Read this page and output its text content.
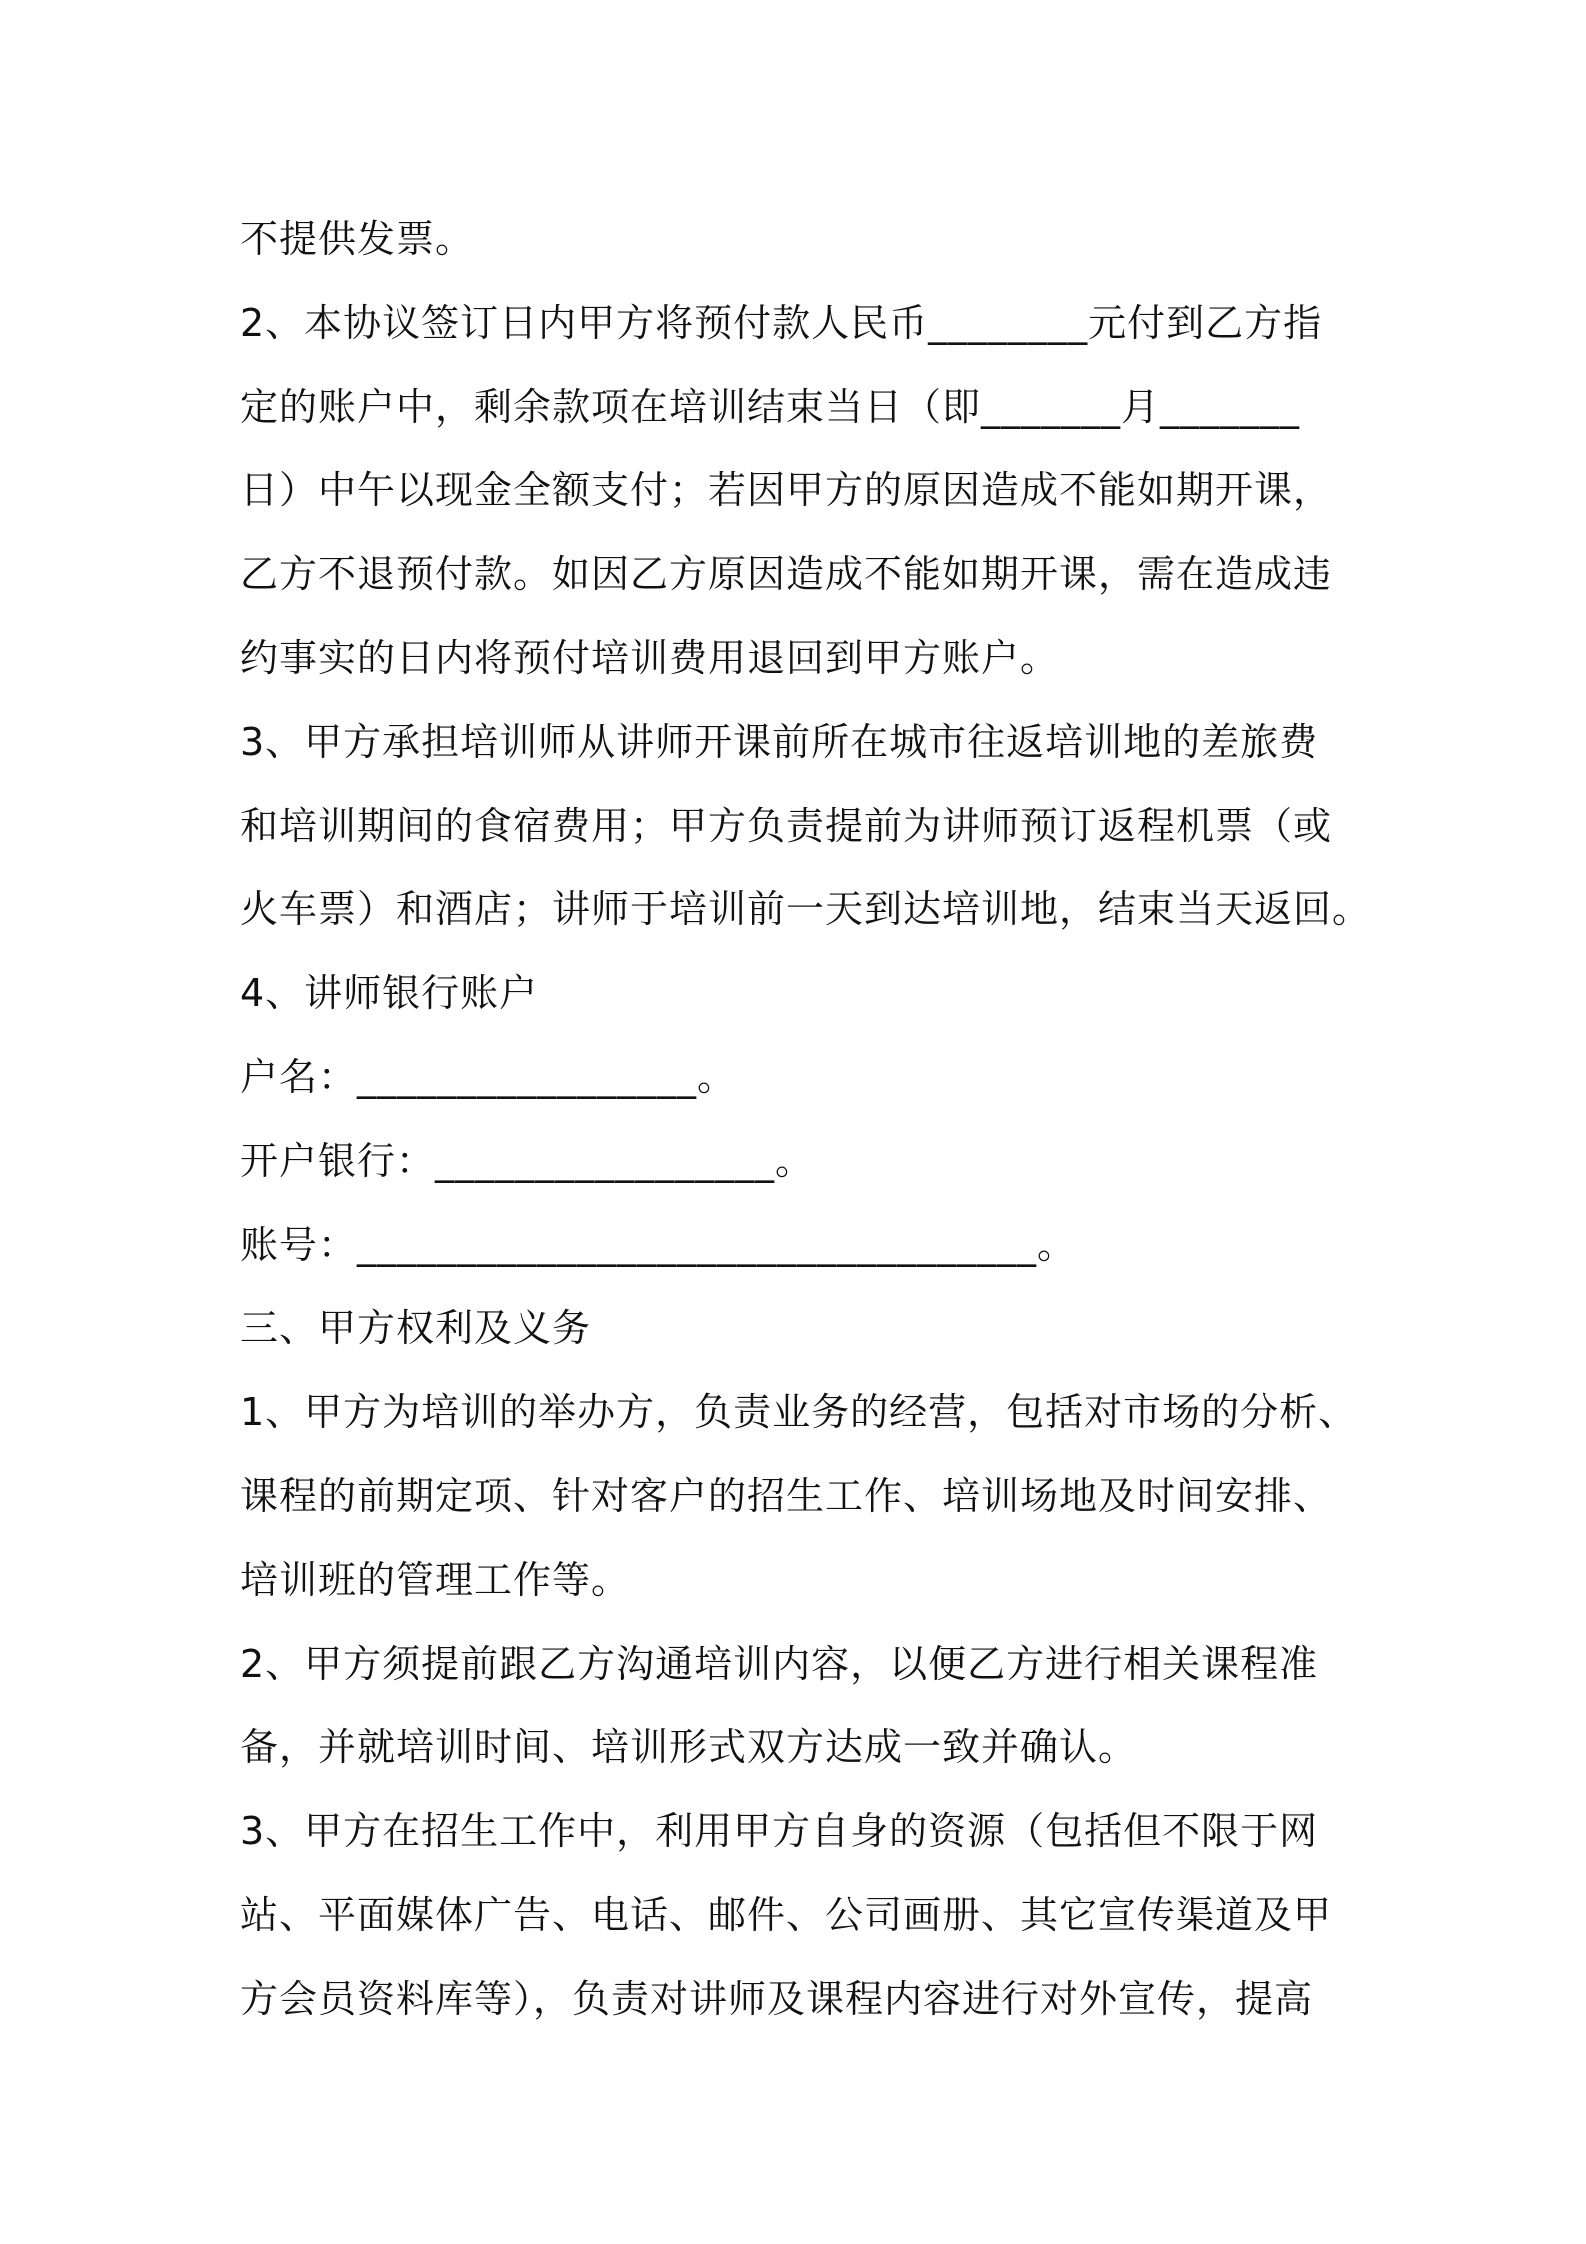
不提供发票。
2、本协议签订日内甲方将预付款人民币________元付到乙方指
定的账户中，剩余款项在培训结束当日（即_______月_______
日）中午以现金全额支付；若因甲方的原因造成不能如期开课，
乙方不退预付款。如因乙方原因造成不能如期开课，需在造成违
约事实的日内将预付培训费用退回到甲方账户。
3、甲方承担培训师从讲师开课前所在城市往返培训地的差旅费
和培训期间的食宿费用；甲方负责提前为讲师预订返程机票（或
火车票）和酒店；讲师于培训前一天到达培训地，结束当天返回。
4、讲师银行账户
户名：_________________。
开户银行：_________________。
账号：__________________________________。
三、甲方权利及义务
1、甲方为培训的举办方，负责业务的经营，包括对市场的分析、
课程的前期定项、针对客户的招生工作、培训场地及时间安排、
培训班的管理工作等。
2、甲方须提前跟乙方沟通培训内容，以便乙方进行相关课程准
备，并就培训时间、培训形式双方达成一致并确认。
3、甲方在招生工作中，利用甲方自身的资源（包括但不限于网
站、平面媒体广告、电话、邮件、公司画册、其它宣传渠道及甲
方会员资料库等），负责对讲师及课程内容进行对外宣传，提高
